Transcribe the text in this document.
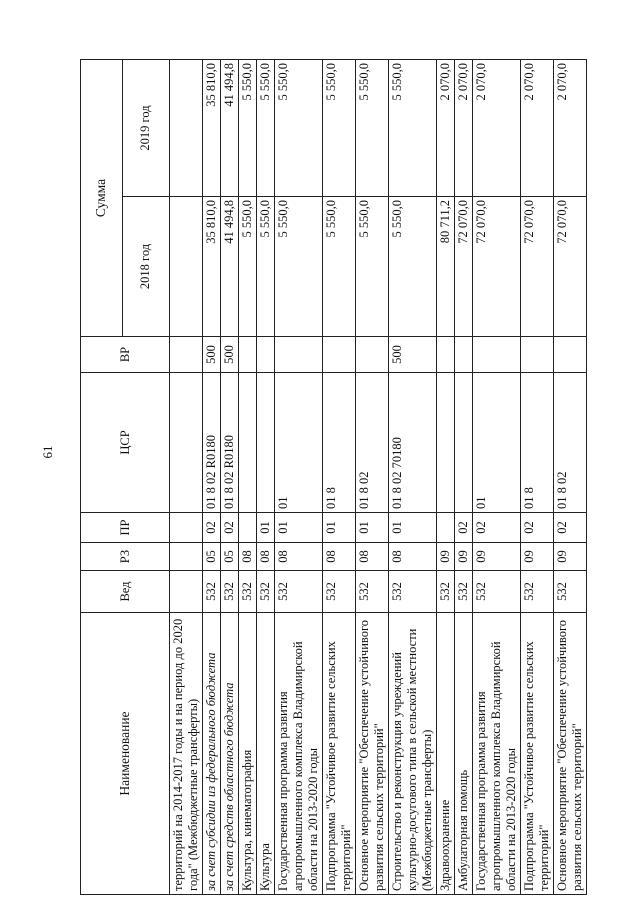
61
Наименование	Вед	РЗ	ПР	ЦСР	ВР	Сумма	
						2018 год	2019 год
территорий на 2014-2017 годы и на период до 2020 года" (Межбюджетные трансферты)							
за счет субсидии из федерального бюджета	532	05	02	01 8 02 R0180	500	35 810,0	35 810,0
за счет средств областного бюджета	532	05	02	01 8 02 R0180	500	41 494,8	41 494,8
Культура, кинематография	532	08				5 550,0	5 550,0
Культура	532	08	01			5 550,0	5 550,0
Государственная программа развития агропромышленного комплекса Владимирской области на 2013-2020 годы	532	08	01	01		5 550,0	5 550,0
Подпрограмма "Устойчивое развитие сельских территорий"	532	08	01	01 8		5 550,0	5 550,0
Основное мероприятие "Обеспечение устойчивого развития сельских территорий"	532	08	01	01 8 02		5 550,0	5 550,0
Строительство и реконструкция учреждений культурно-досугового типа в сельской местности (Межбюджетные трансферты)	532	08	01	01 8 02 70180	500	5 550,0	5 550,0
Здравоохранение	532	09				80 711,2	2 070,0
Амбулаторная помощь	532	09	02			72 070,0	2 070,0
Государственная программа развития агропромышленного комплекса Владимирской области на 2013-2020 годы	532	09	02	01		72 070,0	2 070,0
Подпрограмма "Устойчивое развитие сельских территорий"	532	09	02	01 8		72 070,0	2 070,0
Основное мероприятие "Обеспечение устойчивого развития сельских территорий"	532	09	02	01 8 02		72 070,0	2 070,0
